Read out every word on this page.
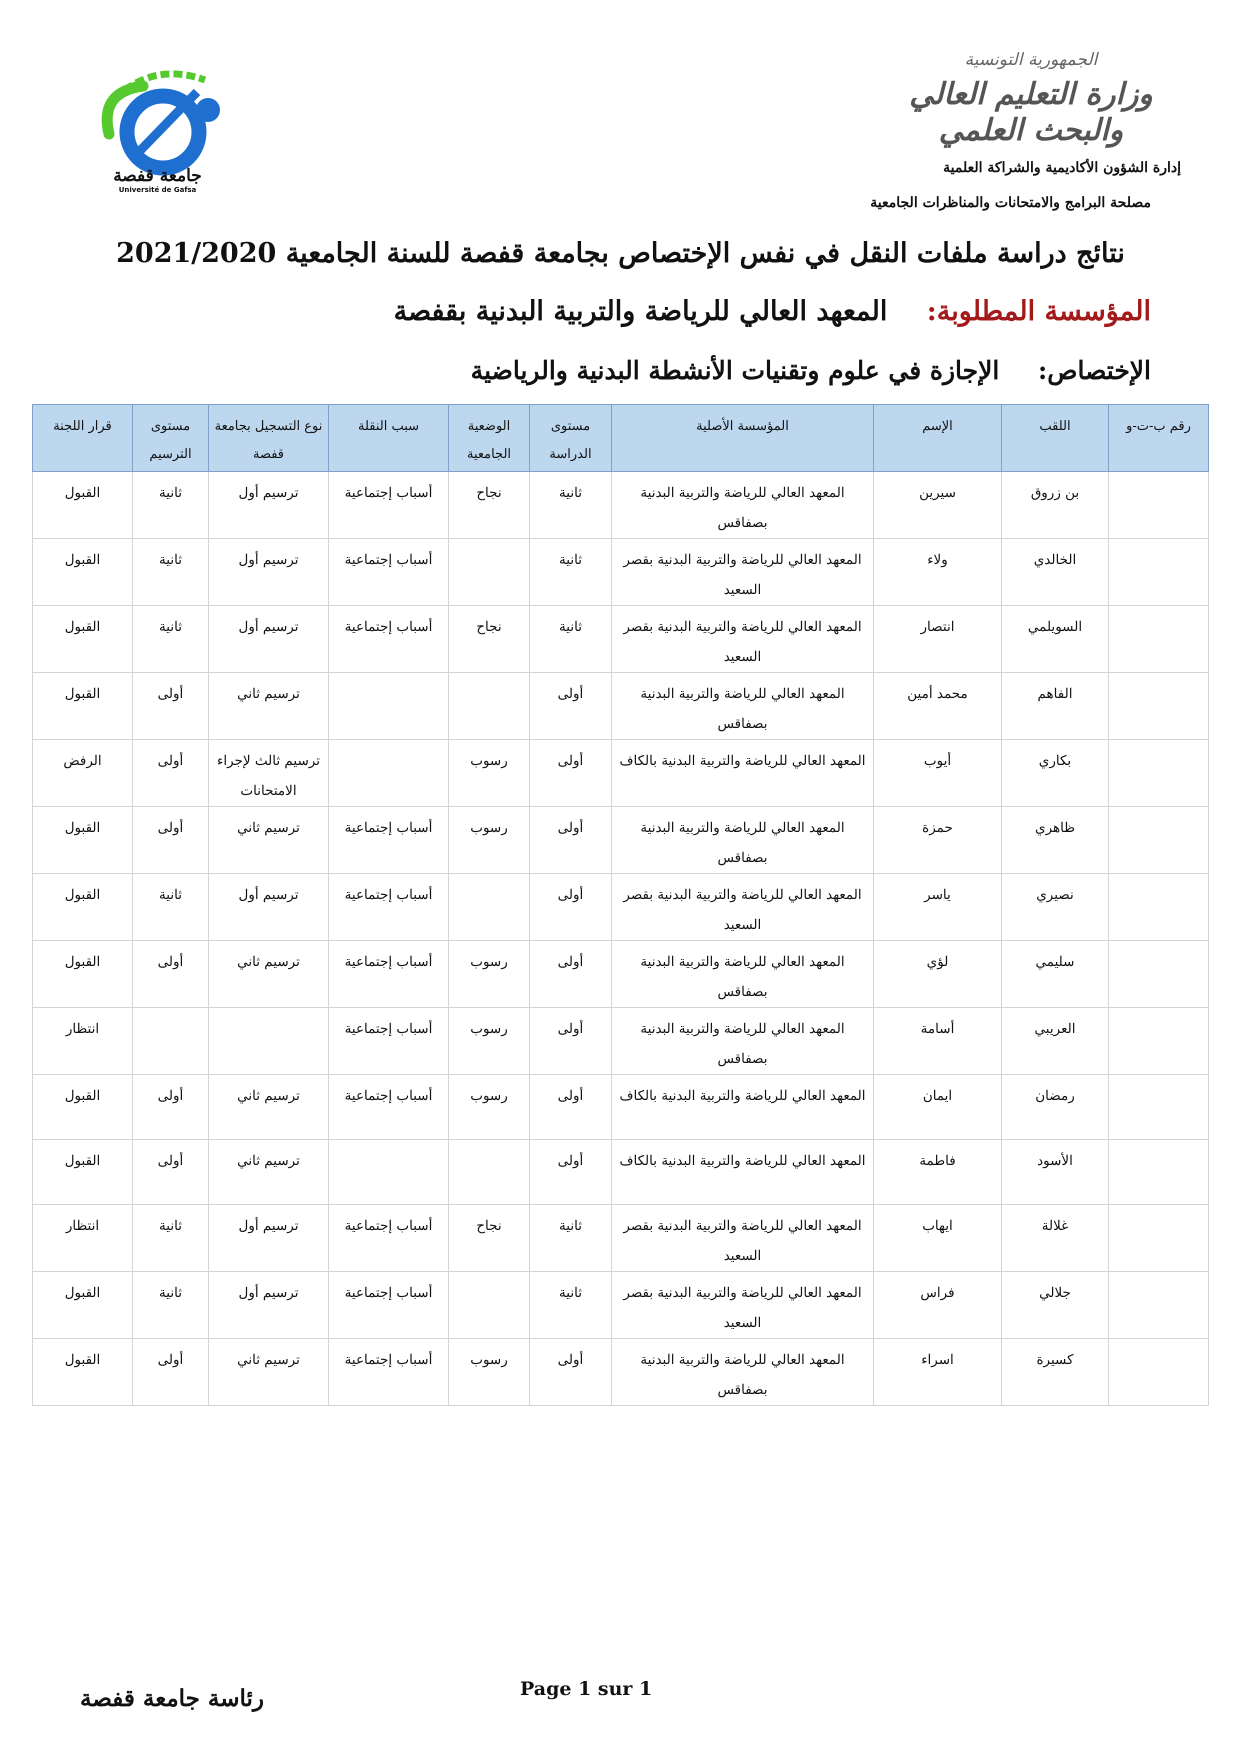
الجمهورية التونسية
وزارة التعليم العالي
والبحث العلمي
إدارة الشؤون الأكاديمية والشراكة العلمية
مصلحة البرامج والامتحانات والمناظرات الجامعية
جامعة قفصة
Université de Gafsa
نتائج دراسة ملفات النقل في نفس الإختصاص بجامعة قفصة للسنة الجامعية 2021/2020
المؤسسة المطلوبة: المعهد العالي للرياضة والتربية البدنية بقفصة
الإختصاص: الإجازة في علوم وتقنيات الأنشطة البدنية والرياضية
رقم ب-ت-و	اللقب	الإسم	المؤسسة الأصلية	مستوى الدراسة	الوضعية الجامعية	سبب النقلة	نوع التسجيل بجامعة قفصة	مستوى الترسيم	قرار اللجنة
	بن زروق	سيرين	المعهد العالي للرياضة والتربية البدنية بصفاقس	ثانية	نجاح	أسباب إجتماعية	ترسيم أول	ثانية	القبول
	الخالدي	ولاء	المعهد العالي للرياضة والتربية البدنية بقصر السعيد	ثانية		أسباب إجتماعية	ترسيم أول	ثانية	القبول
	السويلمي	انتصار	المعهد العالي للرياضة والتربية البدنية بقصر السعيد	ثانية	نجاح	أسباب إجتماعية	ترسيم أول	ثانية	القبول
	الفاهم	محمد أمين	المعهد العالي للرياضة والتربية البدنية بصفاقس	أولى			ترسيم ثاني	أولى	القبول
	بكاري	أيوب	المعهد العالي للرياضة والتربية البدنية بالكاف	أولى	رسوب		ترسيم ثالث لإجراء الامتحانات	أولى	الرفض
	ظاهري	حمزة	المعهد العالي للرياضة والتربية البدنية بصفاقس	أولى	رسوب	أسباب إجتماعية	ترسيم ثاني	أولى	القبول
	نصيري	ياسر	المعهد العالي للرياضة والتربية البدنية بقصر السعيد	أولى		أسباب إجتماعية	ترسيم أول	ثانية	القبول
	سليمي	لؤي	المعهد العالي للرياضة والتربية البدنية بصفاقس	أولى	رسوب	أسباب إجتماعية	ترسيم ثاني	أولى	القبول
	العريبي	أسامة	المعهد العالي للرياضة والتربية البدنية بصفاقس	أولى	رسوب	أسباب إجتماعية			انتظار
	رمضان	ايمان	المعهد العالي للرياضة والتربية البدنية بالكاف	أولى	رسوب	أسباب إجتماعية	ترسيم ثاني	أولى	القبول
	الأسود	فاطمة	المعهد العالي للرياضة والتربية البدنية بالكاف	أولى			ترسيم ثاني	أولى	القبول
	غلالة	ايهاب	المعهد العالي للرياضة والتربية البدنية بقصر السعيد	ثانية	نجاح	أسباب إجتماعية	ترسيم أول	ثانية	انتظار
	جلالي	فراس	المعهد العالي للرياضة والتربية البدنية بقصر السعيد	ثانية		أسباب إجتماعية	ترسيم أول	ثانية	القبول
	كسيرة	اسراء	المعهد العالي للرياضة والتربية البدنية بصفاقس	أولى	رسوب	أسباب إجتماعية	ترسيم ثاني	أولى	القبول
رئاسة جامعة قفصة	Page 1 sur 1
